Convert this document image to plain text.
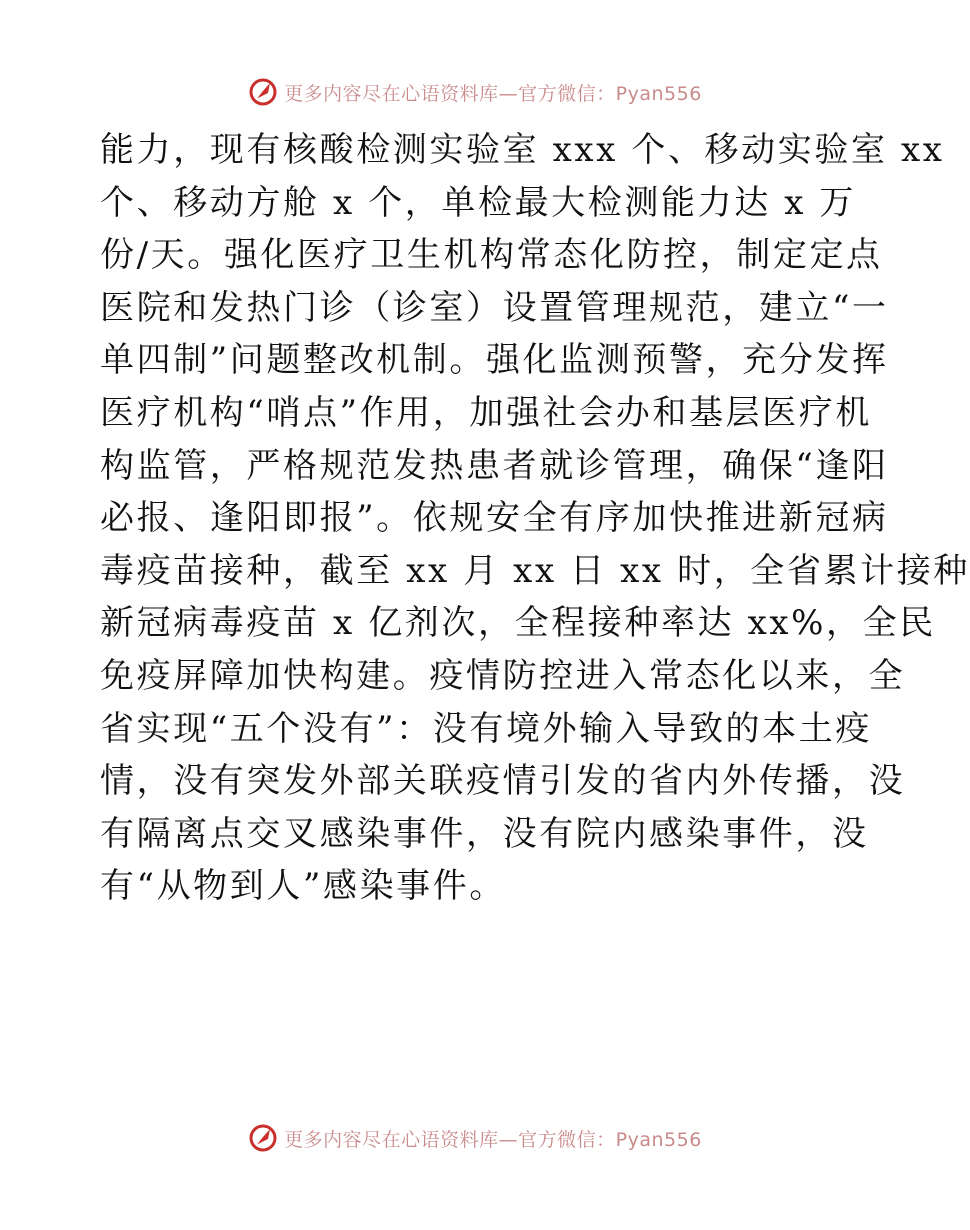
更多内容尽在心语资料库—官方微信：Pyan556
能力，现有核酸检测实验室 xxx 个、移动实验室 xx
个、移动方舱 x 个，单检最大检测能力达 x 万
份/天。强化医疗卫生机构常态化防控，制定定点
医院和发热门诊（诊室）设置管理规范，建立“一
单四制”问题整改机制。强化监测预警，充分发挥
医疗机构“哨点”作用，加强社会办和基层医疗机
构监管，严格规范发热患者就诊管理，确保“逢阳
必报、逢阳即报”。依规安全有序加快推进新冠病
毒疫苗接种，截至 xx 月 xx 日 xx 时，全省累计接种
新冠病毒疫苗 x 亿剂次，全程接种率达 xx%，全民
免疫屏障加快构建。疫情防控进入常态化以来，全
省实现“五个没有”：没有境外输入导致的本土疫
情，没有突发外部关联疫情引发的省内外传播，没
有隔离点交叉感染事件，没有院内感染事件，没
有“从物到人”感染事件。
更多内容尽在心语资料库—官方微信：Pyan556
